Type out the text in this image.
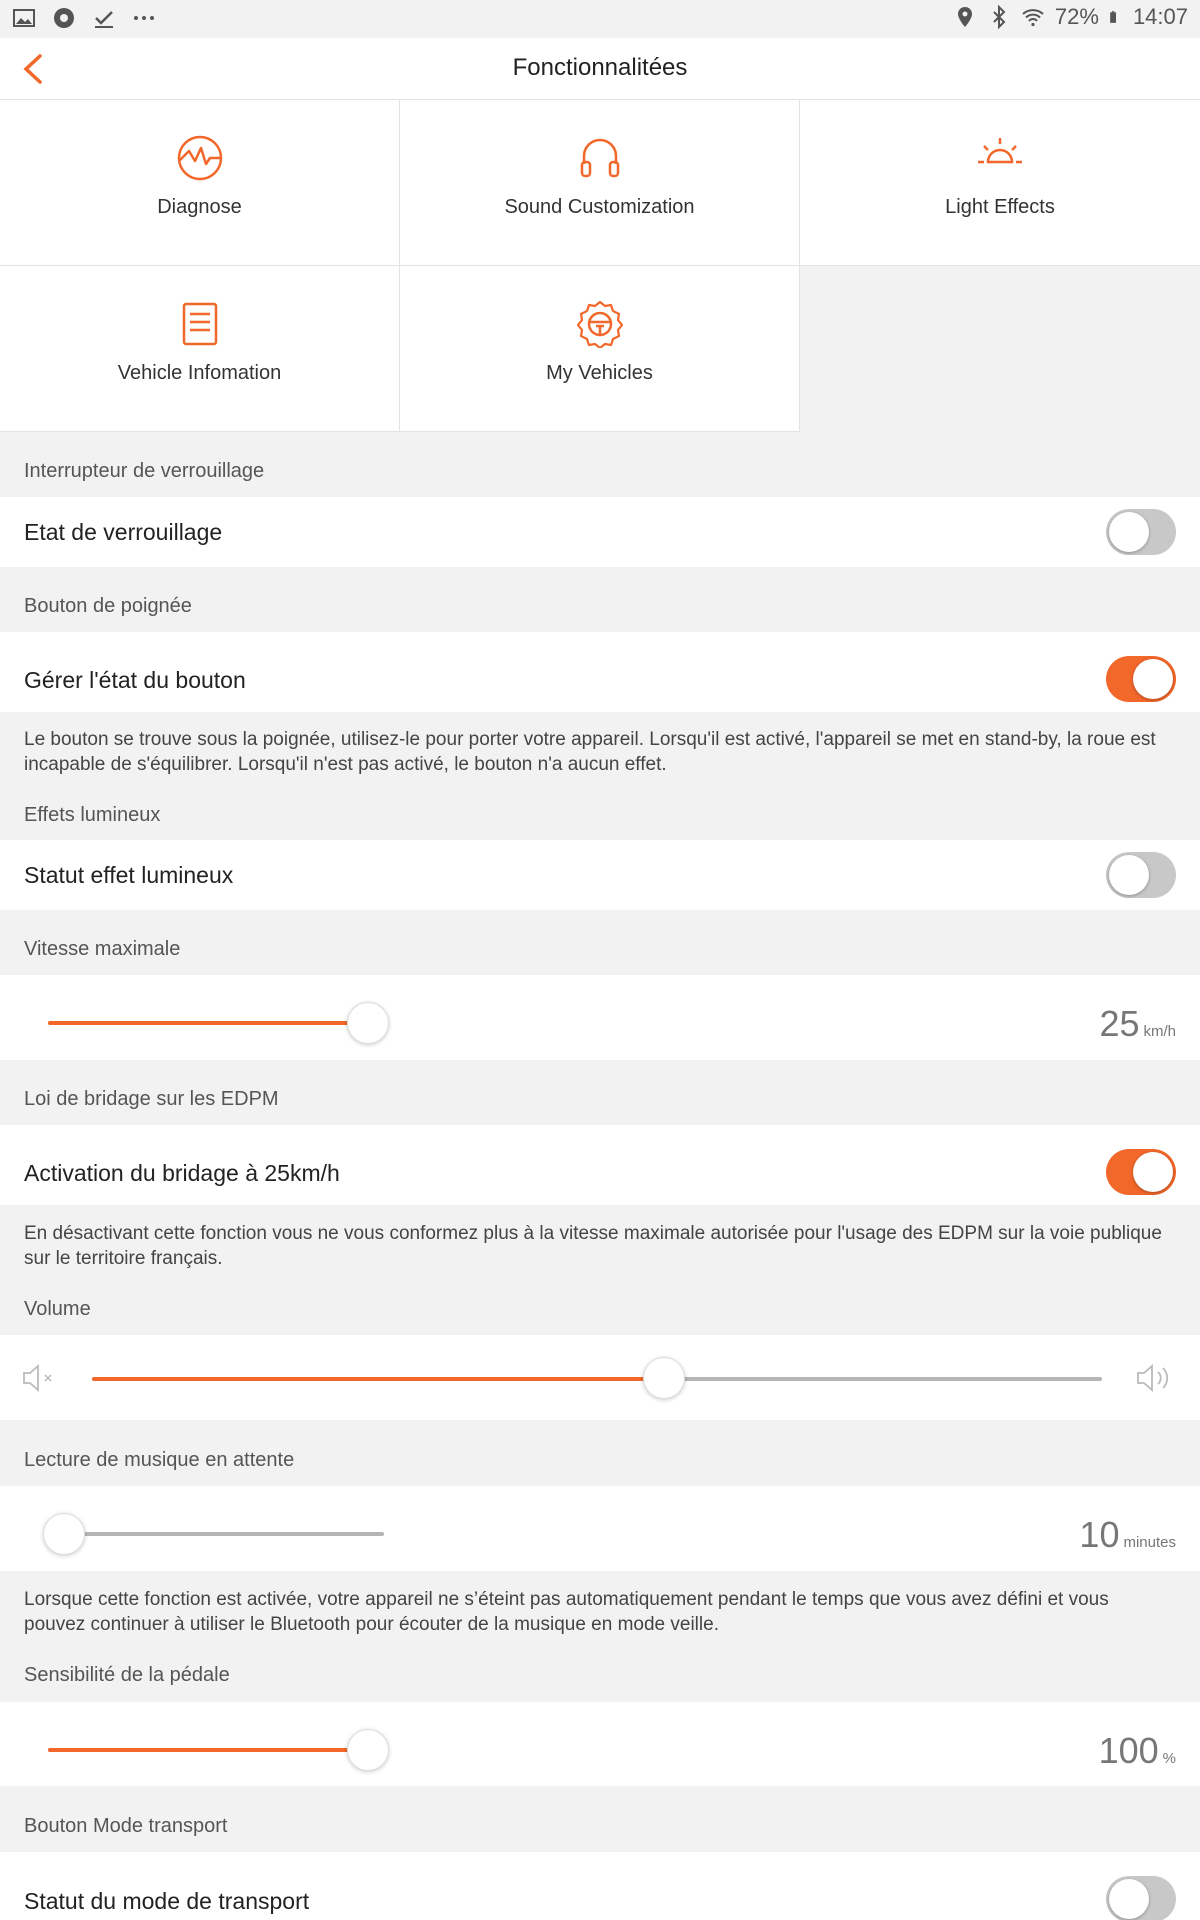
72% 14:07
Fonctionnalitées
Diagnose	Sound Customization	Light Effects
Vehicle Infomation	My Vehicles
Interrupteur de verrouillage
Etat de verrouillage
Bouton de poignée
Gérer l'état du bouton
Le bouton se trouve sous la poignée, utilisez-le pour porter votre appareil. Lorsqu'il est activé, l'appareil se met en stand-by, la roue est incapable de s'équilibrer. Lorsqu'il n'est pas activé, le bouton n'a aucun effet.
Effets lumineux
Statut effet lumineux
Vitesse maximale
25 km/h
Loi de bridage sur les EDPM
Activation du bridage à 25km/h
En désactivant cette fonction vous ne vous conformez plus à la vitesse maximale autorisée pour l'usage des EDPM sur la voie publique sur le territoire français.
Volume
Lecture de musique en attente
10 minutes
Lorsque cette fonction est activée, votre appareil ne s’éteint pas automatiquement pendant le temps que vous avez défini et vous pouvez continuer à utiliser le Bluetooth pour écouter de la musique en mode veille.
Sensibilité de la pédale
100 %
Bouton Mode transport
Statut du mode de transport
